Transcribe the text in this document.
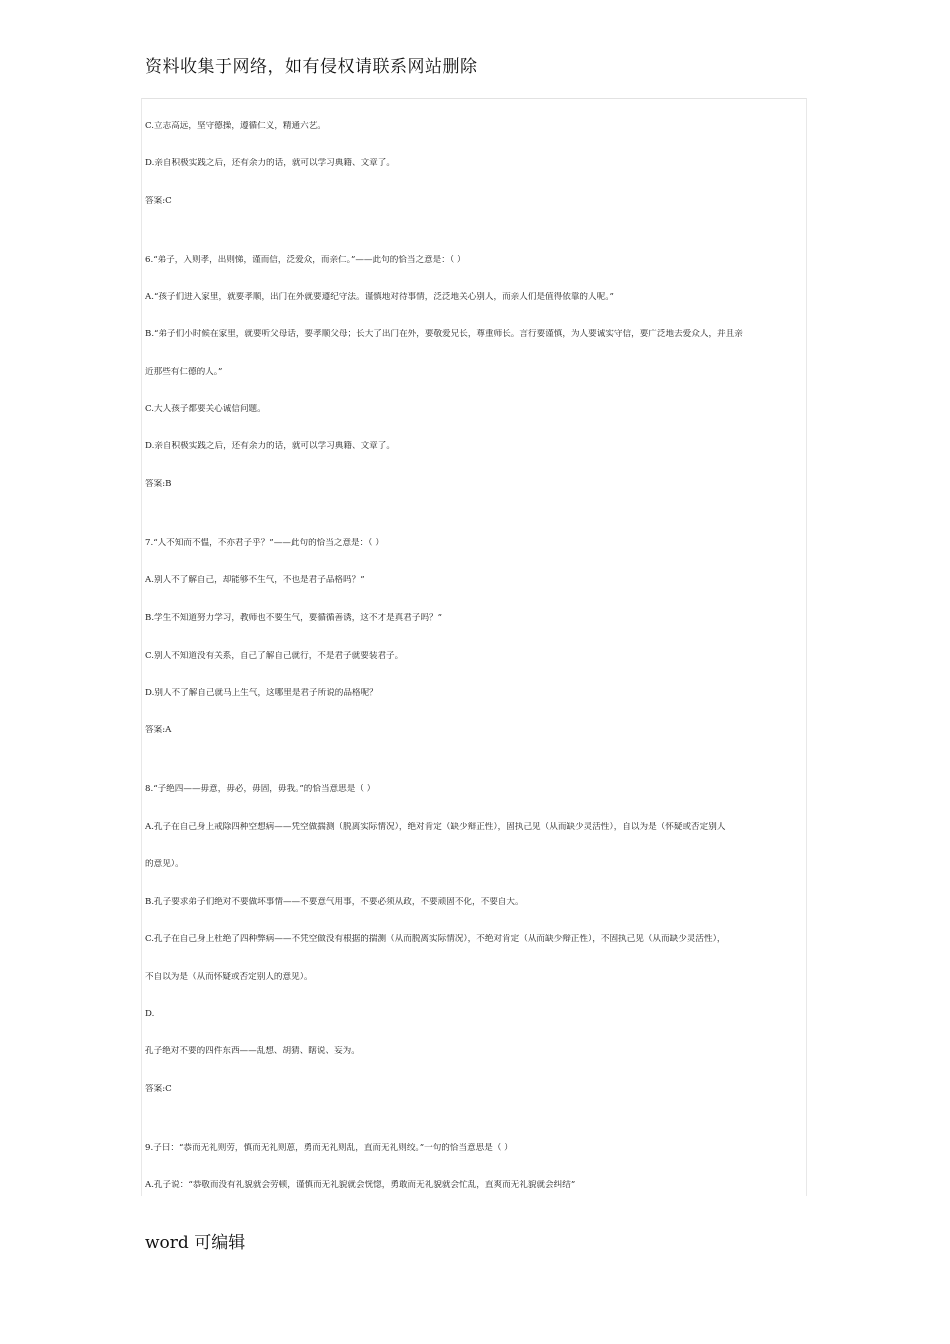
资料收集于网络，如有侵权请联系网站删除
C.立志高远，坚守德操，遵循仁义，精通六艺。
D.亲自积极实践之后，还有余力的话，就可以学习典籍、文章了。
答案:C
6.“弟子，入则孝，出则悌，谨而信，泛爱众，而亲仁。”——此句的恰当之意是：（ ）
A.“孩子们进入家里，就要孝顺，出门在外就要遵纪守法。谨慎地对待事情，泛泛地关心别人，而亲人们是值得依靠的人呢。”
B.“弟子们小时候在家里，就要听父母话，要孝顺父母；长大了出门在外，要敬爱兄长，尊重师长。言行要谨慎，为人要诚实守信，要广泛地去爱众人，并且亲
近那些有仁德的人。”
C.大人孩子都要关心诚信问题。
D.亲自积极实践之后，还有余力的话，就可以学习典籍、文章了。
答案:B
7.“人不知而不愠，不亦君子乎？”——此句的恰当之意是：（ ）
A.别人不了解自己，却能够不生气，不也是君子品格吗？”
B.学生不知道努力学习，教师也不要生气，要循循善诱，这不才是真君子吗？”
C.别人不知道没有关系，自己了解自己就行，不是君子就要装君子。
D.别人不了解自己就马上生气，这哪里是君子所说的品格呢？
答案:A
8.“子绝四——毋意，毋必，毋固，毋我。”的恰当意思是（ ）
A.孔子在自己身上戒除四种空想病——凭空做揣测（脱离实际情况），绝对肯定（缺少辩正性），固执己见（从而缺少灵活性），自以为是（怀疑或否定别人
的意见）。
B.孔子要求弟子们绝对不要做坏事情——不要意气用事，不要必须从政，不要顽固不化，不要自大。
C.孔子在自己身上杜绝了四种弊病——不凭空做没有根据的揣测（从而脱离实际情况），不绝对肯定（从而缺少辩正性），不固执己见（从而缺少灵活性），
不自以为是（从而怀疑或否定别人的意见）。
D.
孔子绝对不要的四件东西——乱想、胡猜、瞎说、妄为。
答案:C
9.子曰：“恭而无礼则劳，慎而无礼则葸，勇而无礼则乱，直而无礼则绞。”一句的恰当意思是（ ）
A.孔子说：“恭敬而没有礼貌就会劳顿，谨慎而无礼貌就会恍惚，勇敢而无礼貌就会忙乱，直爽而无礼貌就会纠结”
word 可编辑
